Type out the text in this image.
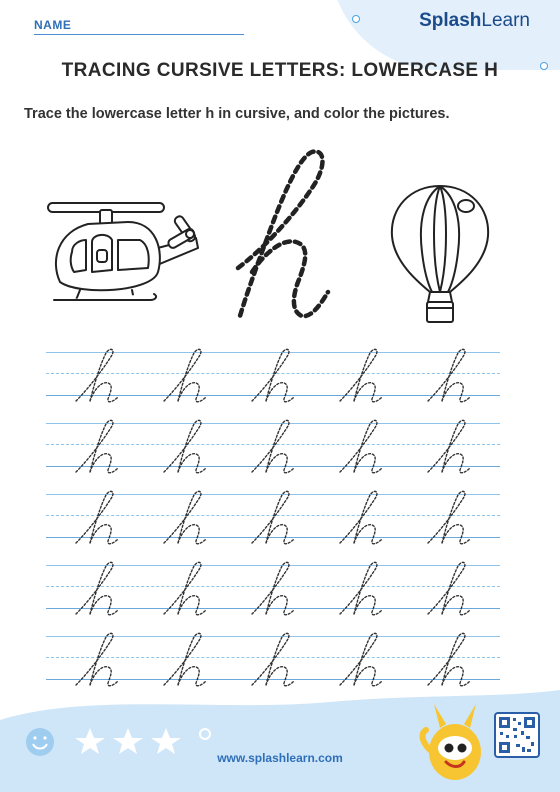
NAME	SplashLearn
TRACING CURSIVE LETTERS: LOWERCASE H
Trace the lowercase letter h in cursive, and color the pictures.
www.splashlearn.com
